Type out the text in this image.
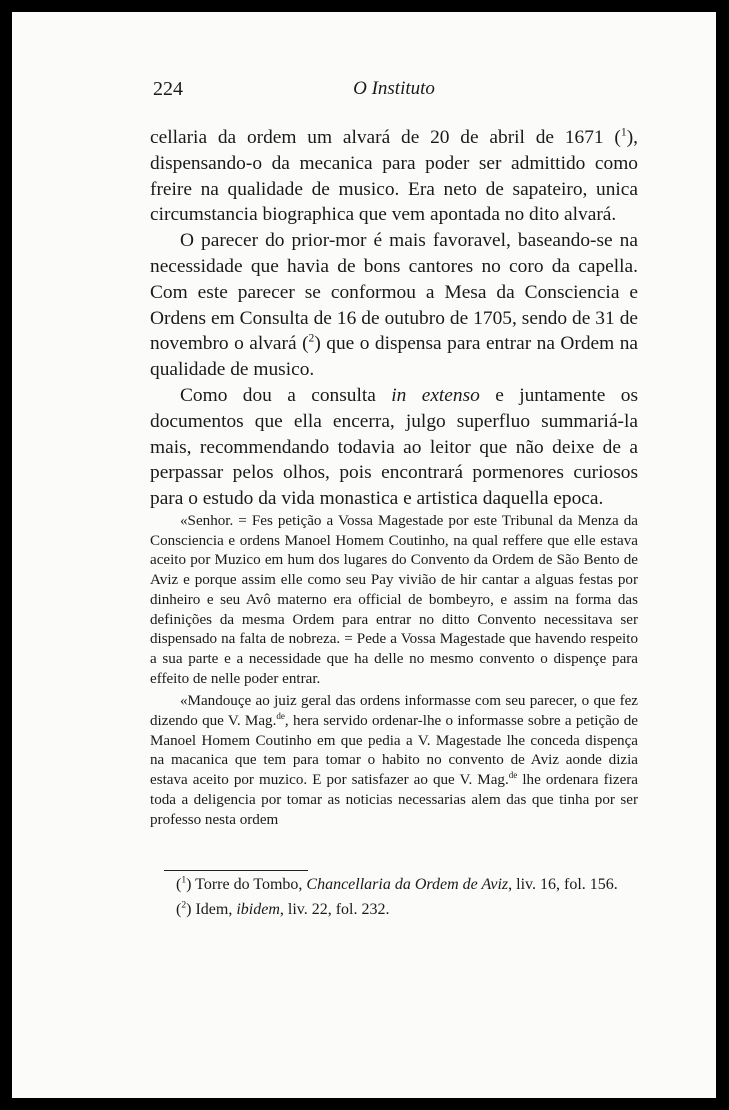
224	O Instituto

cellaria da ordem um alvará de 20 de abril de 1671 ($^1$), dispensando-o da mecanica para poder ser admittido como freire na qualidade de musico. Era neto de sapateiro, unica circumstancia biographica que vem apontada no dito alvará.

O parecer do prior-mor é mais favoravel, baseando-se na necessidade que havia de bons cantores no coro da capella. Com este parecer se conformou a Mesa da Consciencia e Ordens em Consulta de 16 de outubro de 1705, sendo de 31 de novembro o alvará ($^2$) que o dispensa para entrar na Ordem na qualidade de musico.

Como dou a consulta in extenso e juntamente os documentos que ella encerra, julgo superfluo summariá-la mais, recommendando todavia ao leitor que não deixe de a perpassar pelos olhos, pois encontrará pormenores curiosos para o estudo da vida monastica e artistica daquella epoca.

«Senhor. = Fes petição a Vossa Magestade por este Tribunal da Menza da Consciencia e ordens Manoel Homem Coutinho, na qual reffere que elle estava aceito por Muzico em hum dos lugares do Convento da Ordem de São Bento de Aviz e porque assim elle como seu Pay vivião de hir cantar a alguas festas por dinheiro e seu Avô materno era official de bombeyro, e assim na forma das definições da mesma Ordem para entrar no ditto Convento necessitava ser dispensado na falta de nobreza. = Pede a Vossa Magestade que havendo respeito a sua parte e a necessidade que ha delle no mesmo convento o dispençe para effeito de nelle poder entrar.

«Mandouçe ao juiz geral das ordens informasse com seu parecer, o que fez dizendo que V. Mag.$^{de}$, hera servido ordenar-lhe o informasse sobre a petição de Manoel Homem Coutinho em que pedia a V. Magestade lhe conceda dispença na macanica que tem para tomar o habito no convento de Aviz aonde dizia estava aceito por muzico. E por satisfazer ao que V. Mag.$^{de}$ lhe ordenara fizera toda a deligencia por tomar as noticias necessarias alem das que tinha por ser professo nesta ordem

($^1$) Torre do Tombo, Chancellaria da Ordem de Aviz, liv. 16, fol. 156.

($^2$) Idem, ibidem, liv. 22, fol. 232.
